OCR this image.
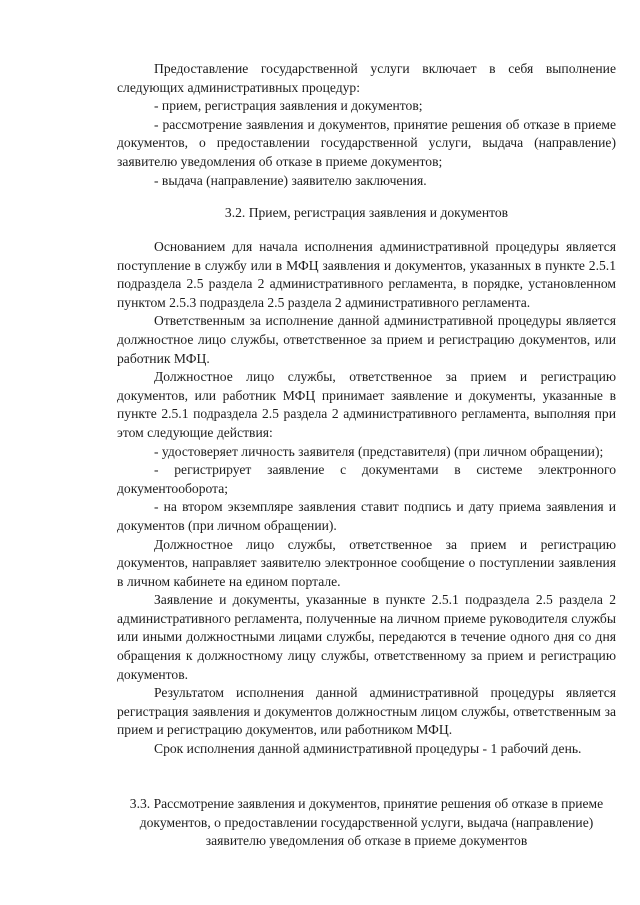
Предоставление государственной услуги включает в себя выполнение следующих административных процедур:

- прием, регистрация заявления и документов;

- рассмотрение заявления и документов, принятие решения об отказе в приеме документов, о предоставлении государственной услуги, выдача (направление) заявителю уведомления об отказе в приеме документов;

- выдача (направление) заявителю заключения.

3.2. Прием, регистрация заявления и документов

Основанием для начала исполнения административной процедуры является поступление в службу или в МФЦ заявления и документов, указанных в пункте 2.5.1 подраздела 2.5 раздела 2 административного регламента, в порядке, установленном пунктом 2.5.3 подраздела 2.5 раздела 2 административного регламента.

Ответственным за исполнение данной административной процедуры является должностное лицо службы, ответственное за прием и регистрацию документов, или работник МФЦ.

Должностное лицо службы, ответственное за прием и регистрацию документов, или работник МФЦ принимает заявление и документы, указанные в пункте 2.5.1 подраздела 2.5 раздела 2 административного регламента, выполняя при этом следующие действия:

- удостоверяет личность заявителя (представителя) (при личном обращении);

- регистрирует заявление с документами в системе электронного документооборота;

- на втором экземпляре заявления ставит подпись и дату приема заявления и документов (при личном обращении).

Должностное лицо службы, ответственное за прием и регистрацию документов, направляет заявителю электронное сообщение о поступлении заявления в личном кабинете на едином портале.

Заявление и документы, указанные в пункте 2.5.1 подраздела 2.5 раздела 2 административного регламента, полученные на личном приеме руководителя службы или иными должностными лицами службы, передаются в течение одного дня со дня обращения к должностному лицу службы, ответственному за прием и регистрацию документов.

Результатом исполнения данной административной процедуры является регистрация заявления и документов должностным лицом службы, ответственным за прием и регистрацию документов, или работником МФЦ.

Срок исполнения данной административной процедуры - 1 рабочий день.

3.3. Рассмотрение заявления и документов, принятие решения об отказе в приеме документов, о предоставлении государственной услуги, выдача (направление) заявителю уведомления об отказе в приеме документов
